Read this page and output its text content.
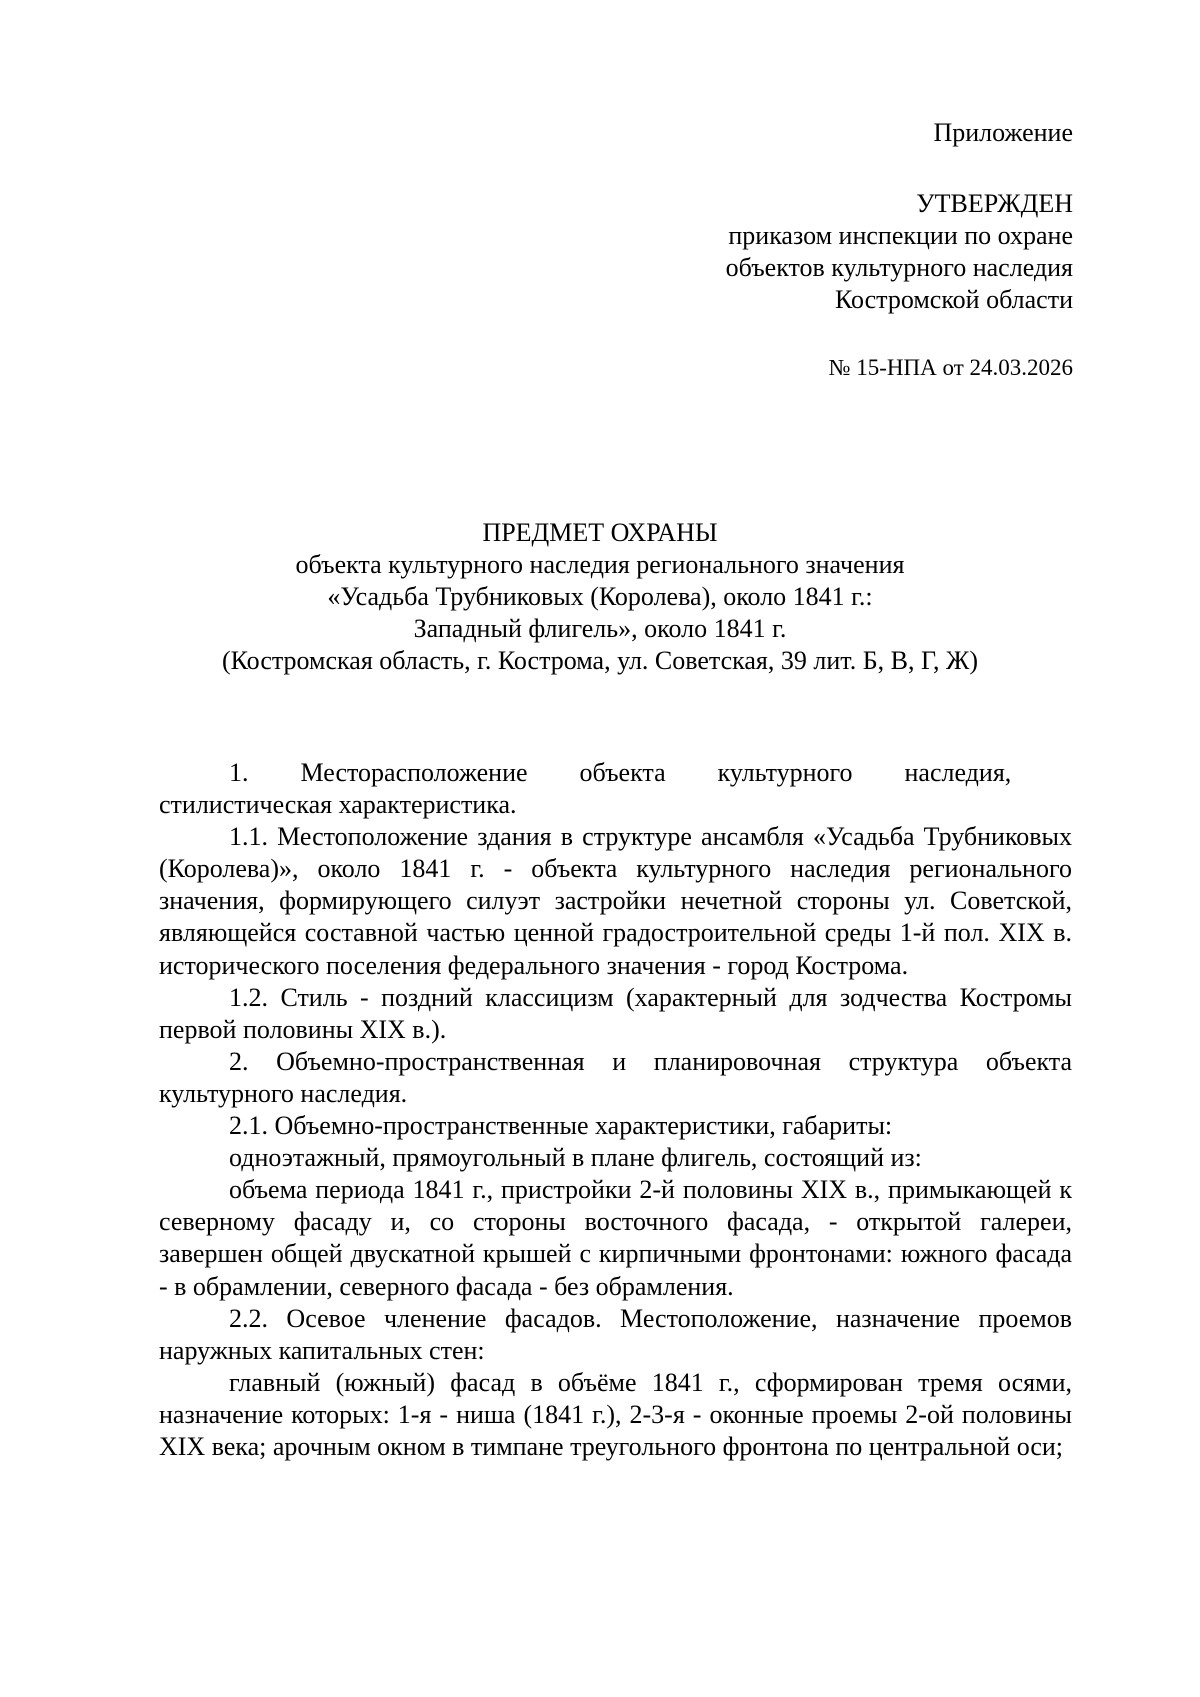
Приложение
УТВЕРЖДЕН
приказом инспекции по охране
объектов культурного наследия
Костромской области
№ 15-НПА от 24.03.2026
ПРЕДМЕТ ОХРАНЫ
объекта культурного наследия регионального значения
«Усадьба Трубниковых (Королева), около 1841 г.:
Западный флигель», около 1841 г.
(Костромская область, г. Кострома, ул. Советская, 39 лит. Б, В, Г, Ж)

1.  Месторасположение  объекта  культурного  наследия, стилистическая характеристика.

1.1. Местоположение здания в структуре ансамбля «Усадьба Трубниковых (Королева)», около 1841 г. - объекта культурного наследия регионального значения, формирующего силуэт застройки нечетной стороны ул. Советской, являющейся составной частью ценной градостроительной среды 1-й пол. XIX в. исторического поселения федерального значения - город Кострома.

1.2. Стиль - поздний классицизм (характерный для зодчества Костромы первой половины XIX в.).

2. Объемно-пространственная и планировочная структура объекта культурного наследия.

2.1. Объемно-пространственные характеристики, габариты:

одноэтажный, прямоугольный в плане флигель, состоящий из:

объема периода 1841 г., пристройки 2-й половины XIX в., примыкающей к северному фасаду и, со стороны восточного фасада, - открытой галереи, завершен общей двускатной крышей с кирпичными фронтонами: южного фасада - в обрамлении, северного фасада - без обрамления.

2.2. Осевое членение фасадов. Местоположение, назначение проемов наружных капитальных стен:

главный (южный) фасад в объёме 1841 г., сформирован тремя осями, назначение которых: 1-я - ниша (1841 г.), 2-3-я - оконные проемы 2-ой половины XIX века; арочным окном в тимпане треугольного фронтона по центральной оси;
